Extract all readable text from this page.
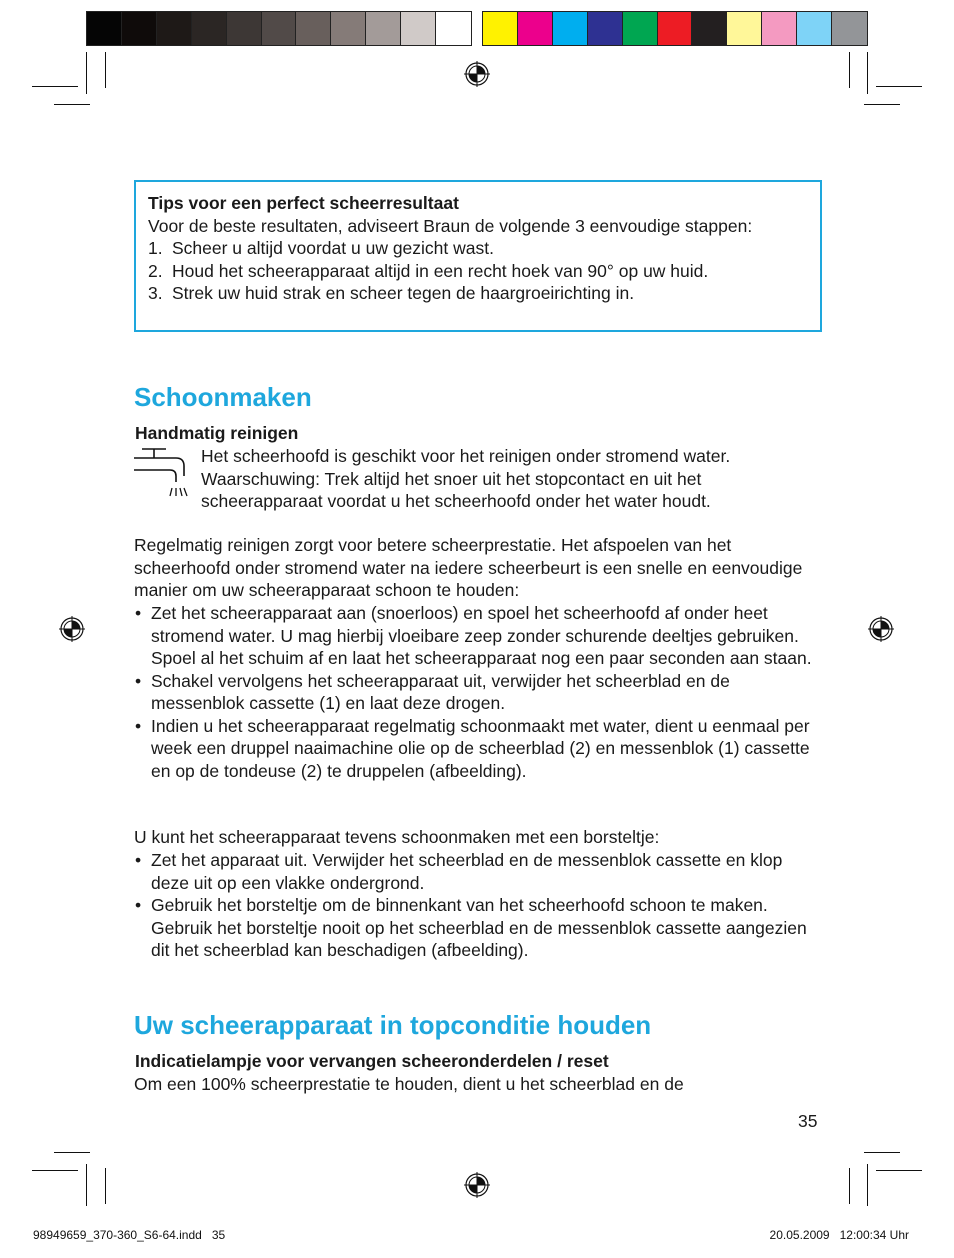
Tips voor een perfect scheerresultaat
Voor de beste resultaten, adviseert Braun de volgende 3 eenvoudige stappen:
1. Scheer u altijd voordat u uw gezicht wast.
2. Houd het scheerapparaat altijd in een recht hoek van 90° op uw huid.
3. Strek uw huid strak en scheer tegen de haargroeirichting in.
Schoonmaken
Handmatig reinigen
Het scheerhoofd is geschikt voor het reinigen onder stromend water. Waarschuwing: Trek altijd het snoer uit het stopcontact en uit het scheerapparaat voordat u het scheerhoofd onder het water houdt.
Regelmatig reinigen zorgt voor betere scheerprestatie. Het afspoelen van het scheerhoofd onder stromend water na iedere scheerbeurt is een snelle en eenvoudige manier om uw scheerapparaat schoon te houden:
• Zet het scheerapparaat aan (snoerloos) en spoel het scheerhoofd af onder heet stromend water. U mag hierbij vloeibare zeep zonder schurende deeltjes gebruiken. Spoel al het schuim af en laat het scheerapparaat nog een paar seconden aan staan.
• Schakel vervolgens het scheerapparaat uit, verwijder het scheerblad en de messenblok cassette (1) en laat deze drogen.
• Indien u het scheerapparaat regelmatig schoonmaakt met water, dient u eenmaal per week een druppel naaimachine olie op de scheerblad (2) en messenblok (1) cassette en op de tondeuse (2) te druppelen (afbeelding).
U kunt het scheerapparaat tevens schoonmaken met een borsteltje:
• Zet het apparaat uit. Verwijder het scheerblad en de messenblok cassette en klop deze uit op een vlakke ondergrond.
• Gebruik het borsteltje om de binnenkant van het scheerhoofd schoon te maken. Gebruik het borsteltje nooit op het scheerblad en de messenblok cassette aangezien dit het scheerblad kan beschadigen (afbeelding).
Uw scheerapparaat in topconditie houden
Indicatielampje voor vervangen scheeronderdelen / reset
Om een 100% scheerprestatie te houden, dient u het scheerblad en de
35
98949659_370-360_S6-64.indd   35	20.05.2009   12:00:34 Uhr
